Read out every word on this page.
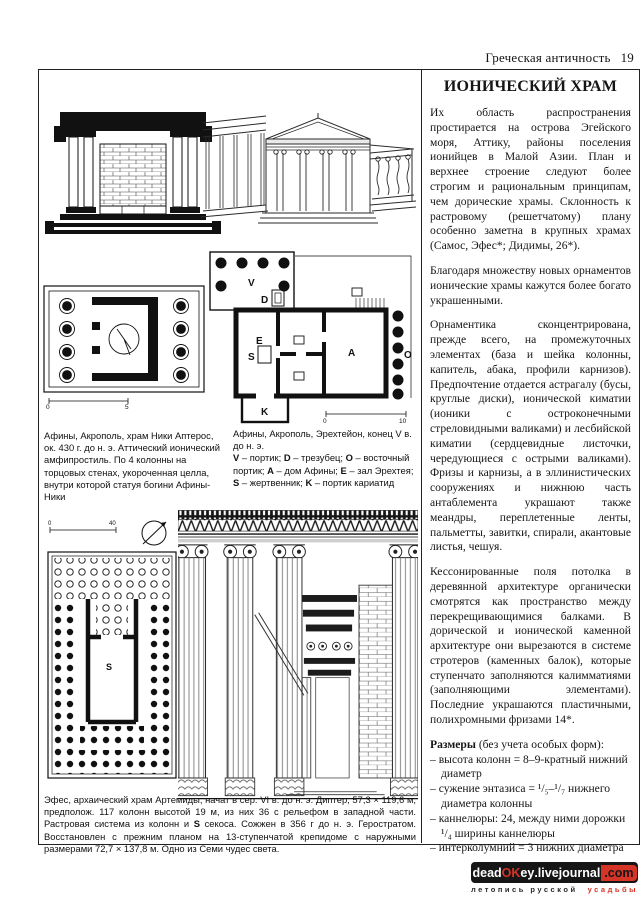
Греческая античность 19
0	5
V
D
E
S	A	O
K
0	10
Афины, Акрополь, храм Ники Аптерос, ок. 430 г. до н. э. Аттический ионический амфипростиль. По 4 колонны на торцовых стенах, укороченная целла, внутри которой статуя богини Афины-Ники
Афины, Акрополь, Эрехтейон, конец V в. до н. э.
V – портик; D – трезубец; O – восточный портик; A – дом Афины; E – зал Эрехтея; S – жертвенник; K – портик кариатид
0	40
S
Эфес, архаический храм Артемиды, начат в сер. VI в. до н. э. Диптер, 57,3 × 119,6 м, предполож. 117 колонн высотой 19 м, из них 36 с рельефом в западной части. Растровая система из колонн и S секоса. Сожжен в 356 г до н. э. Геростратом. Восстановлен с прежним планом на 13-ступенчатой крепидоме с наружными размерами 72,7 × 137,8 м. Одно из Семи чудес света.
ИОНИЧЕСКИЙ ХРАМ

Их область распространения простирается на острова Эгейского моря, Аттику, районы поселения ионийцев в Малой Азии. План и верхнее строение следуют более строгим и рациональным принципам, чем дорические храмы. Склонность к растровому (решетчатому) плану особенно заметна в крупных храмах (Самос, Эфес*; Дидимы, 26*).

Благодаря множеству новых орнаментов ионические храмы кажутся более богато украшенными.

Орнаментика сконцентрирована, прежде всего, на промежуточных элементах (база и шейка колонны, капитель, абака, профили карнизов). Предпочтение отдается астрагалу (бусы, круглые диски), ионической киматии (ионики с остроконечными стреловидными валиками) и лесбийской киматии (сердцевидные листочки, чередующиеся с острыми валиками). Фризы и карнизы, а в эллинистических сооружениях и нижнюю часть антаблемента украшают также меандры, переплетенные ленты, пальметты, завитки, спирали, акантовые листья, чешуя.

Кессонированные поля потолка в деревянной архитектуре органически смотрятся как пространство между перекрещивающимися балками. В дорической и ионической каменной архитектуре они вырезаются в системе стротеров (каменных балок), которые ступенчато заполняются калимматиями (заполняющими элементами). Последние украшаются пластичными, полихромными фризами 14*.

Размеры (без учета особых форм):
– высота колонн = 8–9-кратный нижний диаметр
– сужение энтазиса = ¹/₅–¹/₇ нижнего диаметра колонны
– каннелюры: 24, между ними дорожки ¹/₄ ширины каннелюры
– интерколумний = 3 нижних диаметра
dead OK ey .livejournal .com
летопись русской усадьбы
